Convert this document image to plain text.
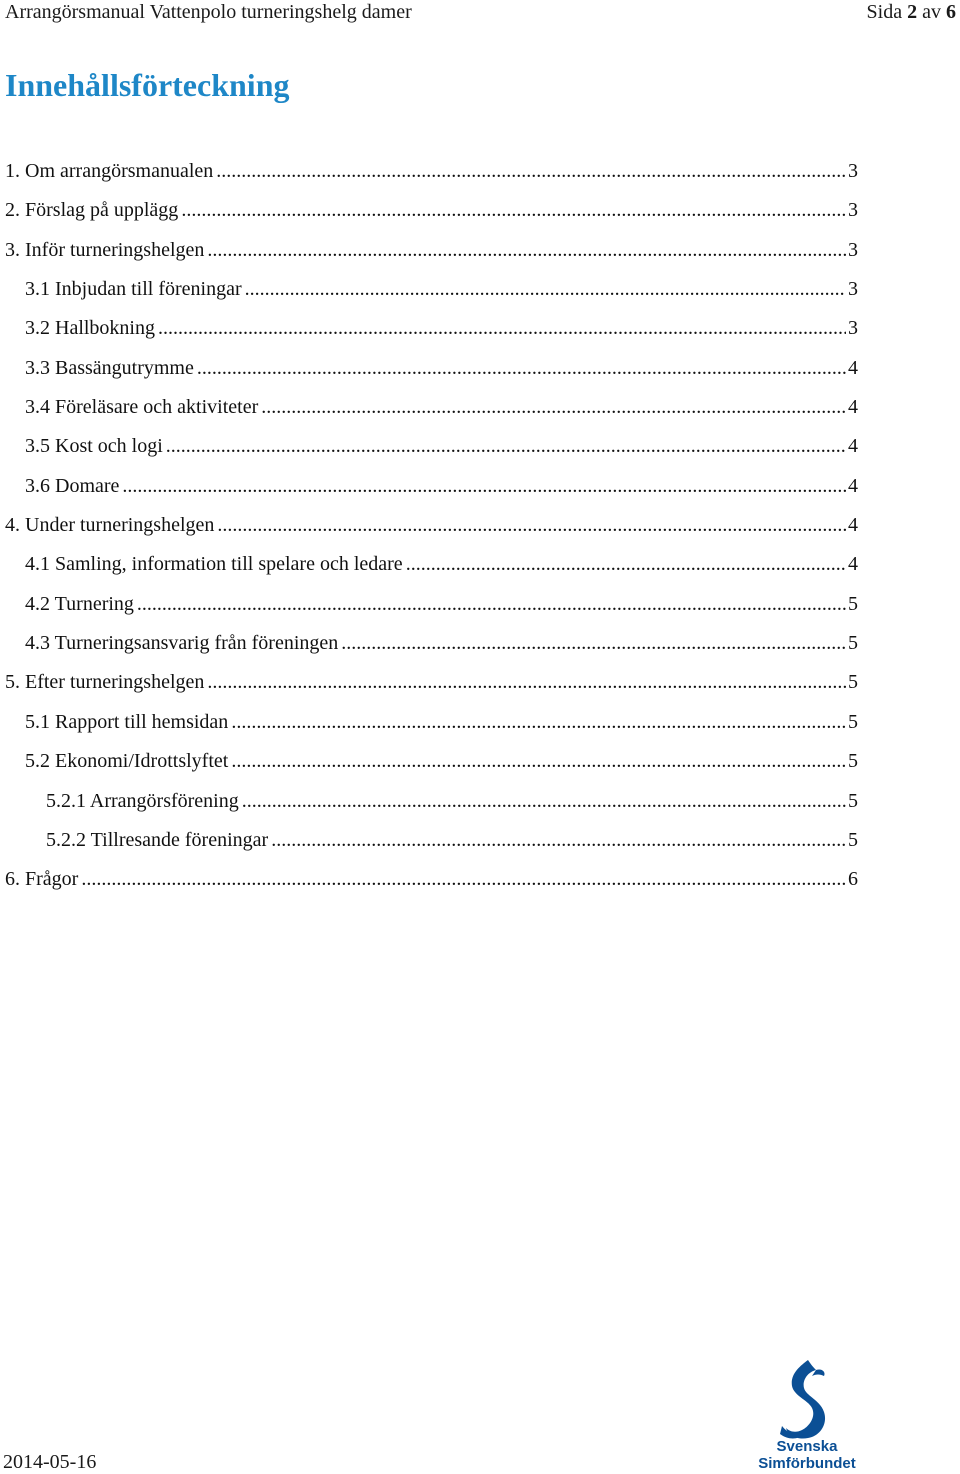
Arrangörsmanual Vattenpolo turneringshelg damer	Sida 2 av 6
Innehållsförteckning
1. Om arrangörsmanualen .....	3
2. Förslag på upplägg .....	3
3. Inför turneringshelgen .....	3
3.1 Inbjudan till föreningar .....	3
3.2 Hallbokning .....	3
3.3 Bassängutrymme .....	4
3.4 Föreläsare och aktiviteter .....	4
3.5 Kost och logi .....	4
3.6 Domare .....	4
4. Under turneringshelgen .....	4
4.1 Samling, information till spelare och ledare .....	4
4.2 Turnering .....	5
4.3 Turneringsansvarig från föreningen .....	5
5. Efter turneringshelgen .....	5
5.1 Rapport till hemsidan .....	5
5.2 Ekonomi/Idrottslyftet .....	5
5.2.1 Arrangörsförening .....	5
5.2.2 Tillresande föreningar .....	5
6. Frågor .....	6
2014-05-16
Svenska
Simförbundet
